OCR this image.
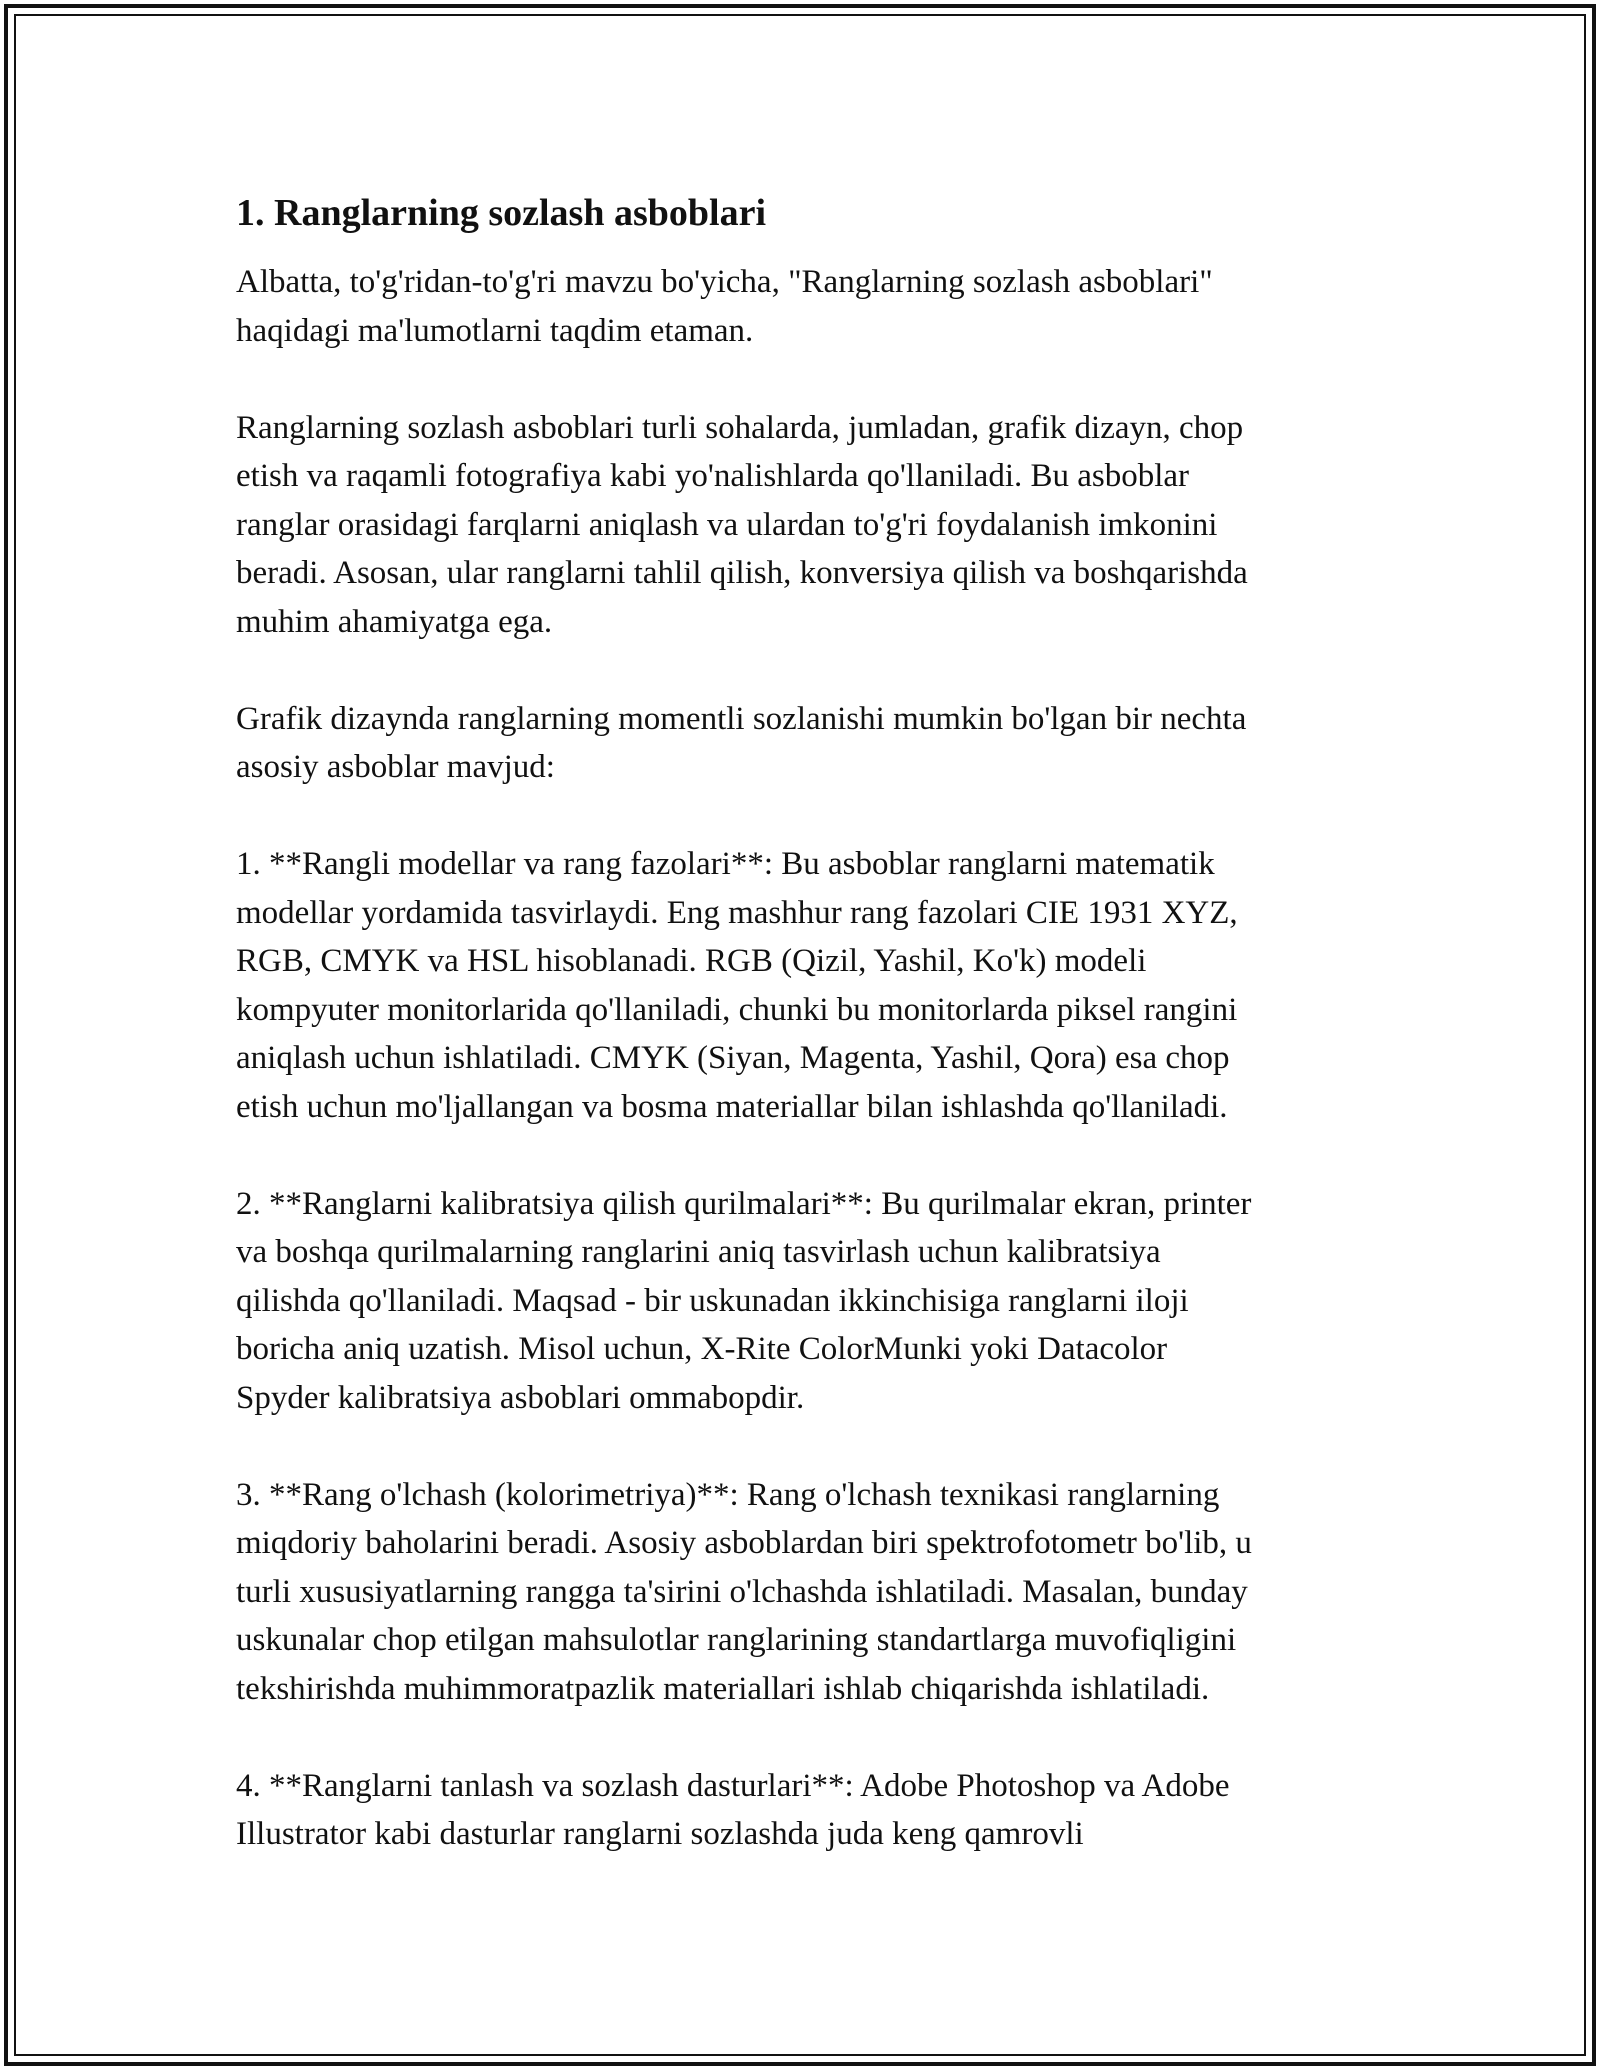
1. Ranglarning sozlash asboblari

Albatta, to'g'ridan-to'g'ri mavzu bo'yicha, "Ranglarning sozlash asboblari"
haqidagi ma'lumotlarni taqdim etaman.

Ranglarning sozlash asboblari turli sohalarda, jumladan, grafik dizayn, chop
etish va raqamli fotografiya kabi yo'nalishlarda qo'llaniladi. Bu asboblar
ranglar orasidagi farqlarni aniqlash va ulardan to'g'ri foydalanish imkonini
beradi. Asosan, ular ranglarni tahlil qilish, konversiya qilish va boshqarishda
muhim ahamiyatga ega.

Grafik dizaynda ranglarning momentli sozlanishi mumkin bo'lgan bir nechta
asosiy asboblar mavjud:

1. **Rangli modellar va rang fazolari**: Bu asboblar ranglarni matematik
modellar yordamida tasvirlaydi. Eng mashhur rang fazolari CIE 1931 XYZ,
RGB, CMYK va HSL hisoblanadi. RGB (Qizil, Yashil, Ko'k) modeli
kompyuter monitorlarida qo'llaniladi, chunki bu monitorlarda piksel rangini
aniqlash uchun ishlatiladi. CMYK (Siyan, Magenta, Yashil, Qora) esa chop
etish uchun mo'ljallangan va bosma materiallar bilan ishlashda qo'llaniladi.

2. **Ranglarni kalibratsiya qilish qurilmalari**: Bu qurilmalar ekran, printer
va boshqa qurilmalarning ranglarini aniq tasvirlash uchun kalibratsiya
qilishda qo'llaniladi. Maqsad - bir uskunadan ikkinchisiga ranglarni iloji
boricha aniq uzatish. Misol uchun, X-Rite ColorMunki yoki Datacolor
Spyder kalibratsiya asboblari ommabopdir.

3. **Rang o'lchash (kolorimetriya)**: Rang o'lchash texnikasi ranglarning
miqdoriy baholarini beradi. Asosiy asboblardan biri spektrofotometr bo'lib, u
turli xususiyatlarning rangga ta'sirini o'lchashda ishlatiladi. Masalan, bunday
uskunalar chop etilgan mahsulotlar ranglarining standartlarga muvofiqligini
tekshirishda muhimmoratpazlik materiallari ishlab chiqarishda ishlatiladi.

4. **Ranglarni tanlash va sozlash dasturlari**: Adobe Photoshop va Adobe
Illustrator kabi dasturlar ranglarni sozlashda juda keng qamrovli
